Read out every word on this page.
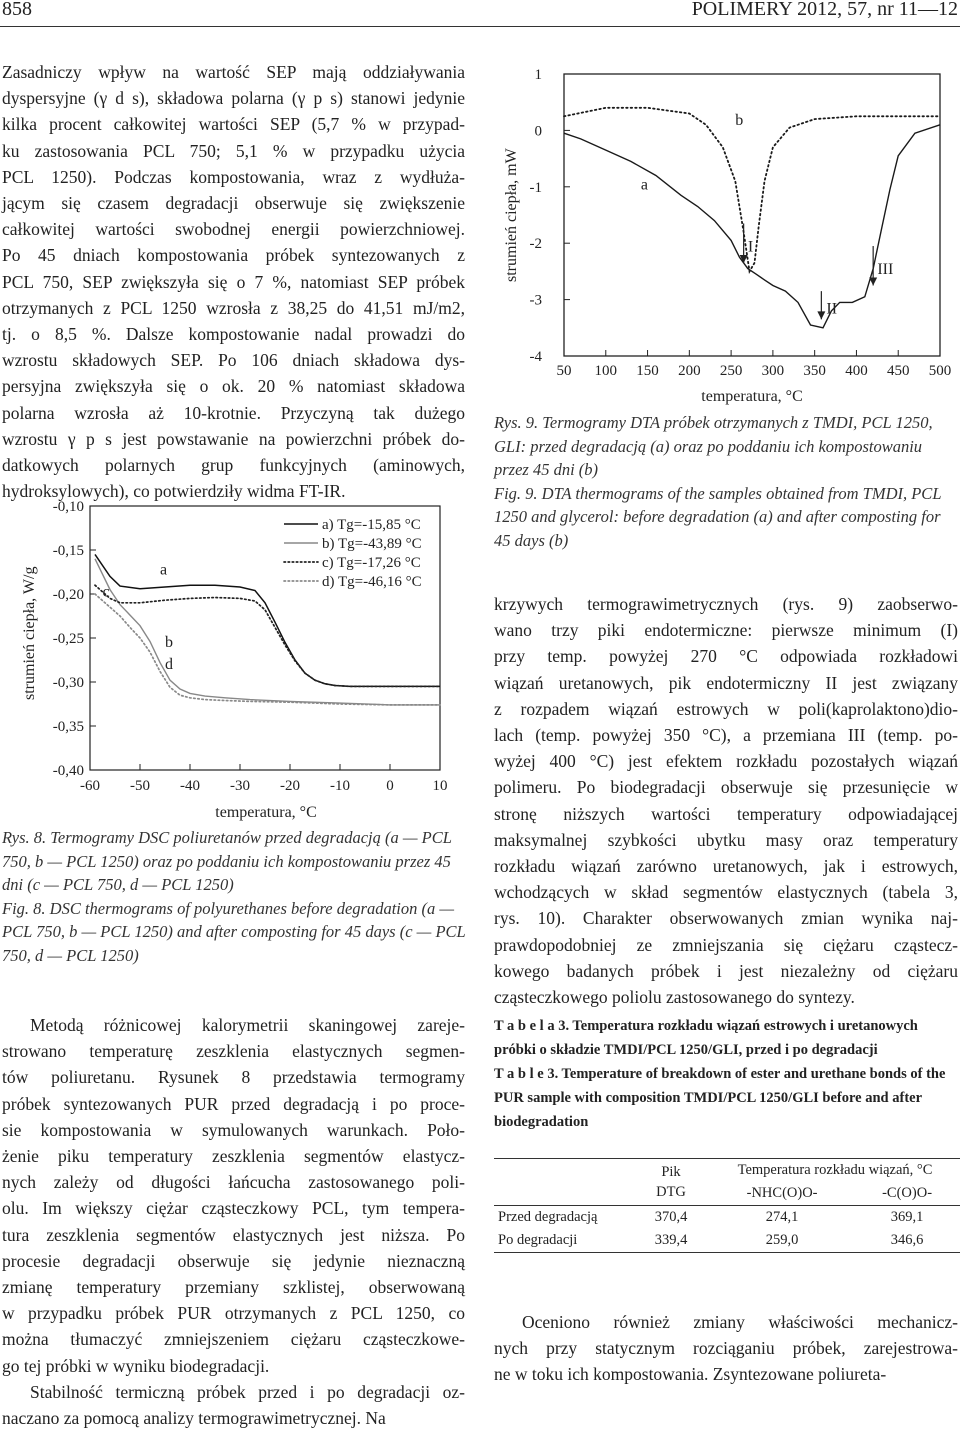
858	POLIMERY 2012, 57, nr 11—12

Zasadniczy wpływ na wartość SEP mają oddziaływania

dyspersyjne (γ d s), składowa polarna (γ p s) stanowi jedynie

kilka procent całkowitej wartości SEP (5,7 % w przypad-

ku zastosowania PCL 750; 5,1 % w przypadku użycia

PCL 1250). Podczas kompostowania, wraz z wydłuża-

jącym się czasem degradacji obserwuje się zwiększenie

całkowitej wartości swobodnej energii powierzchniowej.

Po 45 dniach kompostowania próbek syntezowanych z

PCL 750, SEP zwiększyła się o 7 %, natomiast SEP próbek

otrzymanych z PCL 1250 wzrosła z 38,25 do 41,51 mJ/m2,

tj. o 8,5 %. Dalsze kompostowanie nadal prowadzi do

wzrostu składowych SEP. Po 106 dniach składowa dys-

persyjna zwiększyła się o ok. 20 % natomiast składowa

polarna wzrosła aż 10-krotnie. Przyczyną tak dużego

wzrostu γ p s jest powstawanie na powierzchni próbek do-

datkowych polarnych grup funkcyjnych (aminowych,

hydroksylowych), co potwierdziły widma FT-IR.

50 100 150 200 250 300 350 400 450 500
1
0
-1
-2
-3
-4
a
b
I
II
III
strumień ciepła, mW
temperatura, °C

Rys. 9. Termogramy DTA próbek otrzymanych z TMDI, PCL 1250, GLI: przed degradacją (a) oraz po poddaniu ich kompostowaniu przez 45 dni (b)

Fig. 9. DTA thermograms of the samples obtained from TMDI, PCL 1250 and glycerol: before degradation (a) and after composting for 45 days (b)

-60 -50 -40 -30 -20 -10 0	10
-0,10
-0,15
-0,20
-0,25
-0,30
-0,35
-0,40
a) Tg=-15,85 °C
b) Tg=-43,89 °C
c) Tg=-17,26 °C
d) Tg=-46,16 °C
a
b
c
d
strumień ciepła, W/g
temperatura, °C

Rys. 8. Termogramy DSC poliuretanów przed degradacją (a — PCL 750, b — PCL 1250) oraz po poddaniu ich kompostowaniu przez 45 dni (c — PCL 750, d — PCL 1250)

Fig. 8. DSC thermograms of polyurethanes before degradation (a — PCL 750, b — PCL 1250) and after composting for 45 days (c — PCL 750, d — PCL 1250)

krzywych termograwimetrycznych (rys. 9) zaobserwo-

wano trzy piki endotermiczne: pierwsze minimum (I)

przy temp. powyżej 270 °C odpowiada rozkładowi

wiązań uretanowych, pik endotermiczny II jest związany

z rozpadem wiązań estrowych w poli(kaprolaktono)dio-

lach (temp. powyżej 350 °C), a przemiana III (temp. po-

wyżej 400 °C) jest efektem rozkładu pozostałych wiązań

polimeru. Po biodegradacji obserwuje się przesunięcie w

stronę niższych wartości temperatury odpowiadającej

maksymalnej szybkości ubytku masy oraz temperatury

rozkładu wiązań zarówno uretanowych, jak i estrowych,

wchodzących w skład segmentów elastycznych (tabela 3,

rys. 10). Charakter obserwowanych zmian wynika naj-

prawdopodobniej ze zmniejszania się ciężaru cząstecz-

kowego badanych próbek i jest niezależny od ciężaru

cząsteczkowego poliolu zastosowanego do syntezy.

Metodą różnicowej kalorymetrii skaningowej zareje-

strowano temperaturę zeszklenia elastycznych segmen-

tów poliuretanu. Rysunek 8 przedstawia termogramy

próbek syntezowanych PUR przed degradacją i po proce-

sie kompostowania w symulowanych warunkach. Poło-

żenie piku temperatury zeszklenia segmentów elastycz-

nych zależy od długości łańcucha zastosowanego poli-

olu. Im większy ciężar cząsteczkowy PCL, tym tempera-

tura zeszklenia segmentów elastycznych jest niższa. Po

procesie degradacji obserwuje się jedynie nieznaczną

zmianę temperatury przemiany szklistej, obserwowaną

w przypadku próbek PUR otrzymanych z PCL 1250, co

można tłumaczyć zmniejszeniem ciężaru cząsteczkowe-

go tej próbki w wyniku biodegradacji.

Stabilność termiczną próbek przed i po degradacji oz-

naczano za pomocą analizy termograwimetrycznej. Na

T a b e l a 3. Temperatura rozkładu wiązań estrowych i uretanowych próbki o składzie TMDI/PCL 1250/GLI, przed i po degradacji

T a b l e 3. Temperature of breakdown of ester and urethane bonds of the PUR sample with composition TMDI/PCL 1250/GLI before and after biodegradation

	Pik
DTG	Temperatura rozkładu wiązań, °C	
		-NHC(O)O-	-C(O)O-
Przed degradacją	370,4	274,1	369,1
Po degradacji	339,4	259,0	346,6

Oceniono również zmiany właściwości mechanicz-

nych przy statycznym rozciąganiu próbek, zarejestrowa-

ne w toku ich kompostowania. Zsyntezowane poliureta-
